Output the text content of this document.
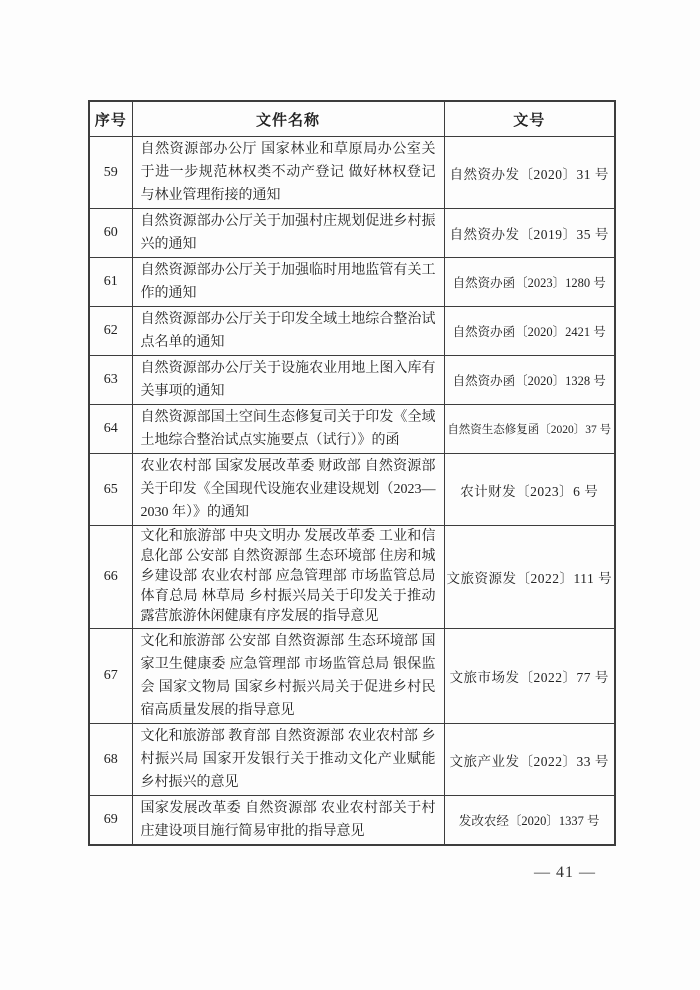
序号	文件名称	文号
59	自然资源部办公厅 国家林业和草原局办公室关于进一步规范林权类不动产登记 做好林权登记与林业管理衔接的通知	自然资办发〔2020〕31 号
60	自然资源部办公厅关于加强村庄规划促进乡村振兴的通知	自然资办发〔2019〕35 号
61	自然资源部办公厅关于加强临时用地监管有关工作的通知	自然资办函〔2023〕1280 号
62	自然资源部办公厅关于印发全域土地综合整治试点名单的通知	自然资办函〔2020〕2421 号
63	自然资源部办公厅关于设施农业用地上图入库有关事项的通知	自然资办函〔2020〕1328 号
64	自然资源部国土空间生态修复司关于印发《全域土地综合整治试点实施要点（试行）》的函	自然资生态修复函〔2020〕37 号
65	农业农村部 国家发展改革委 财政部 自然资源部关于印发《全国现代设施农业建设规划（2023—2030 年）》的通知	农计财发〔2023〕6 号
66	文化和旅游部 中央文明办 发展改革委 工业和信息化部 公安部 自然资源部 生态环境部 住房和城乡建设部 农业农村部 应急管理部 市场监管总局 体育总局 林草局 乡村振兴局关于印发关于推动露营旅游休闲健康有序发展的指导意见	文旅资源发〔2022〕111 号
67	文化和旅游部 公安部 自然资源部 生态环境部 国家卫生健康委 应急管理部 市场监管总局 银保监会 国家文物局 国家乡村振兴局关于促进乡村民宿高质量发展的指导意见	文旅市场发〔2022〕77 号
68	文化和旅游部 教育部 自然资源部 农业农村部 乡村振兴局 国家开发银行关于推动文化产业赋能乡村振兴的意见	文旅产业发〔2022〕33 号
69	国家发展改革委 自然资源部 农业农村部关于村庄建设项目施行简易审批的指导意见	发改农经〔2020〕1337 号
— 41 —
